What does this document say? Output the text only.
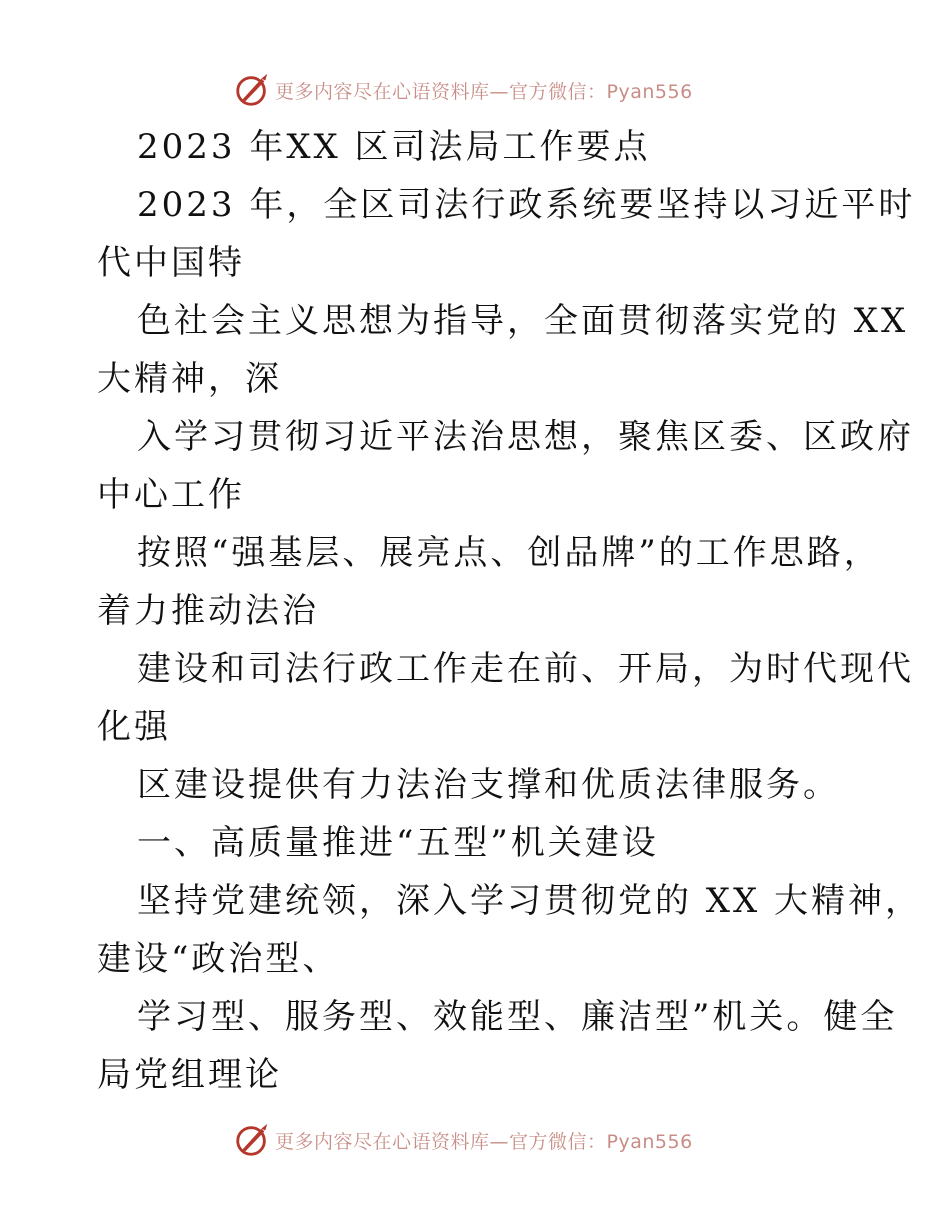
更多内容尽在心语资料库—官方微信：Pyan556
2023 年XX 区司法局工作要点
2023 年，全区司法行政系统要坚持以习近平时
代中国特
色社会主义思想为指导，全面贯彻落实党的 XX
大精神，深
入学习贯彻习近平法治思想，聚焦区委、区政府
中心工作
按照“强基层、展亮点、创品牌”的工作思路，
着力推动法治
建设和司法行政工作走在前、开局，为时代现代
化强
区建设提供有力法治支撑和优质法律服务。
一、高质量推进“五型”机关建设
坚持党建统领，深入学习贯彻党的 XX 大精神，
建设“政治型、
学习型、服务型、效能型、廉洁型”机关。健全
局党组理论
更多内容尽在心语资料库—官方微信：Pyan556
